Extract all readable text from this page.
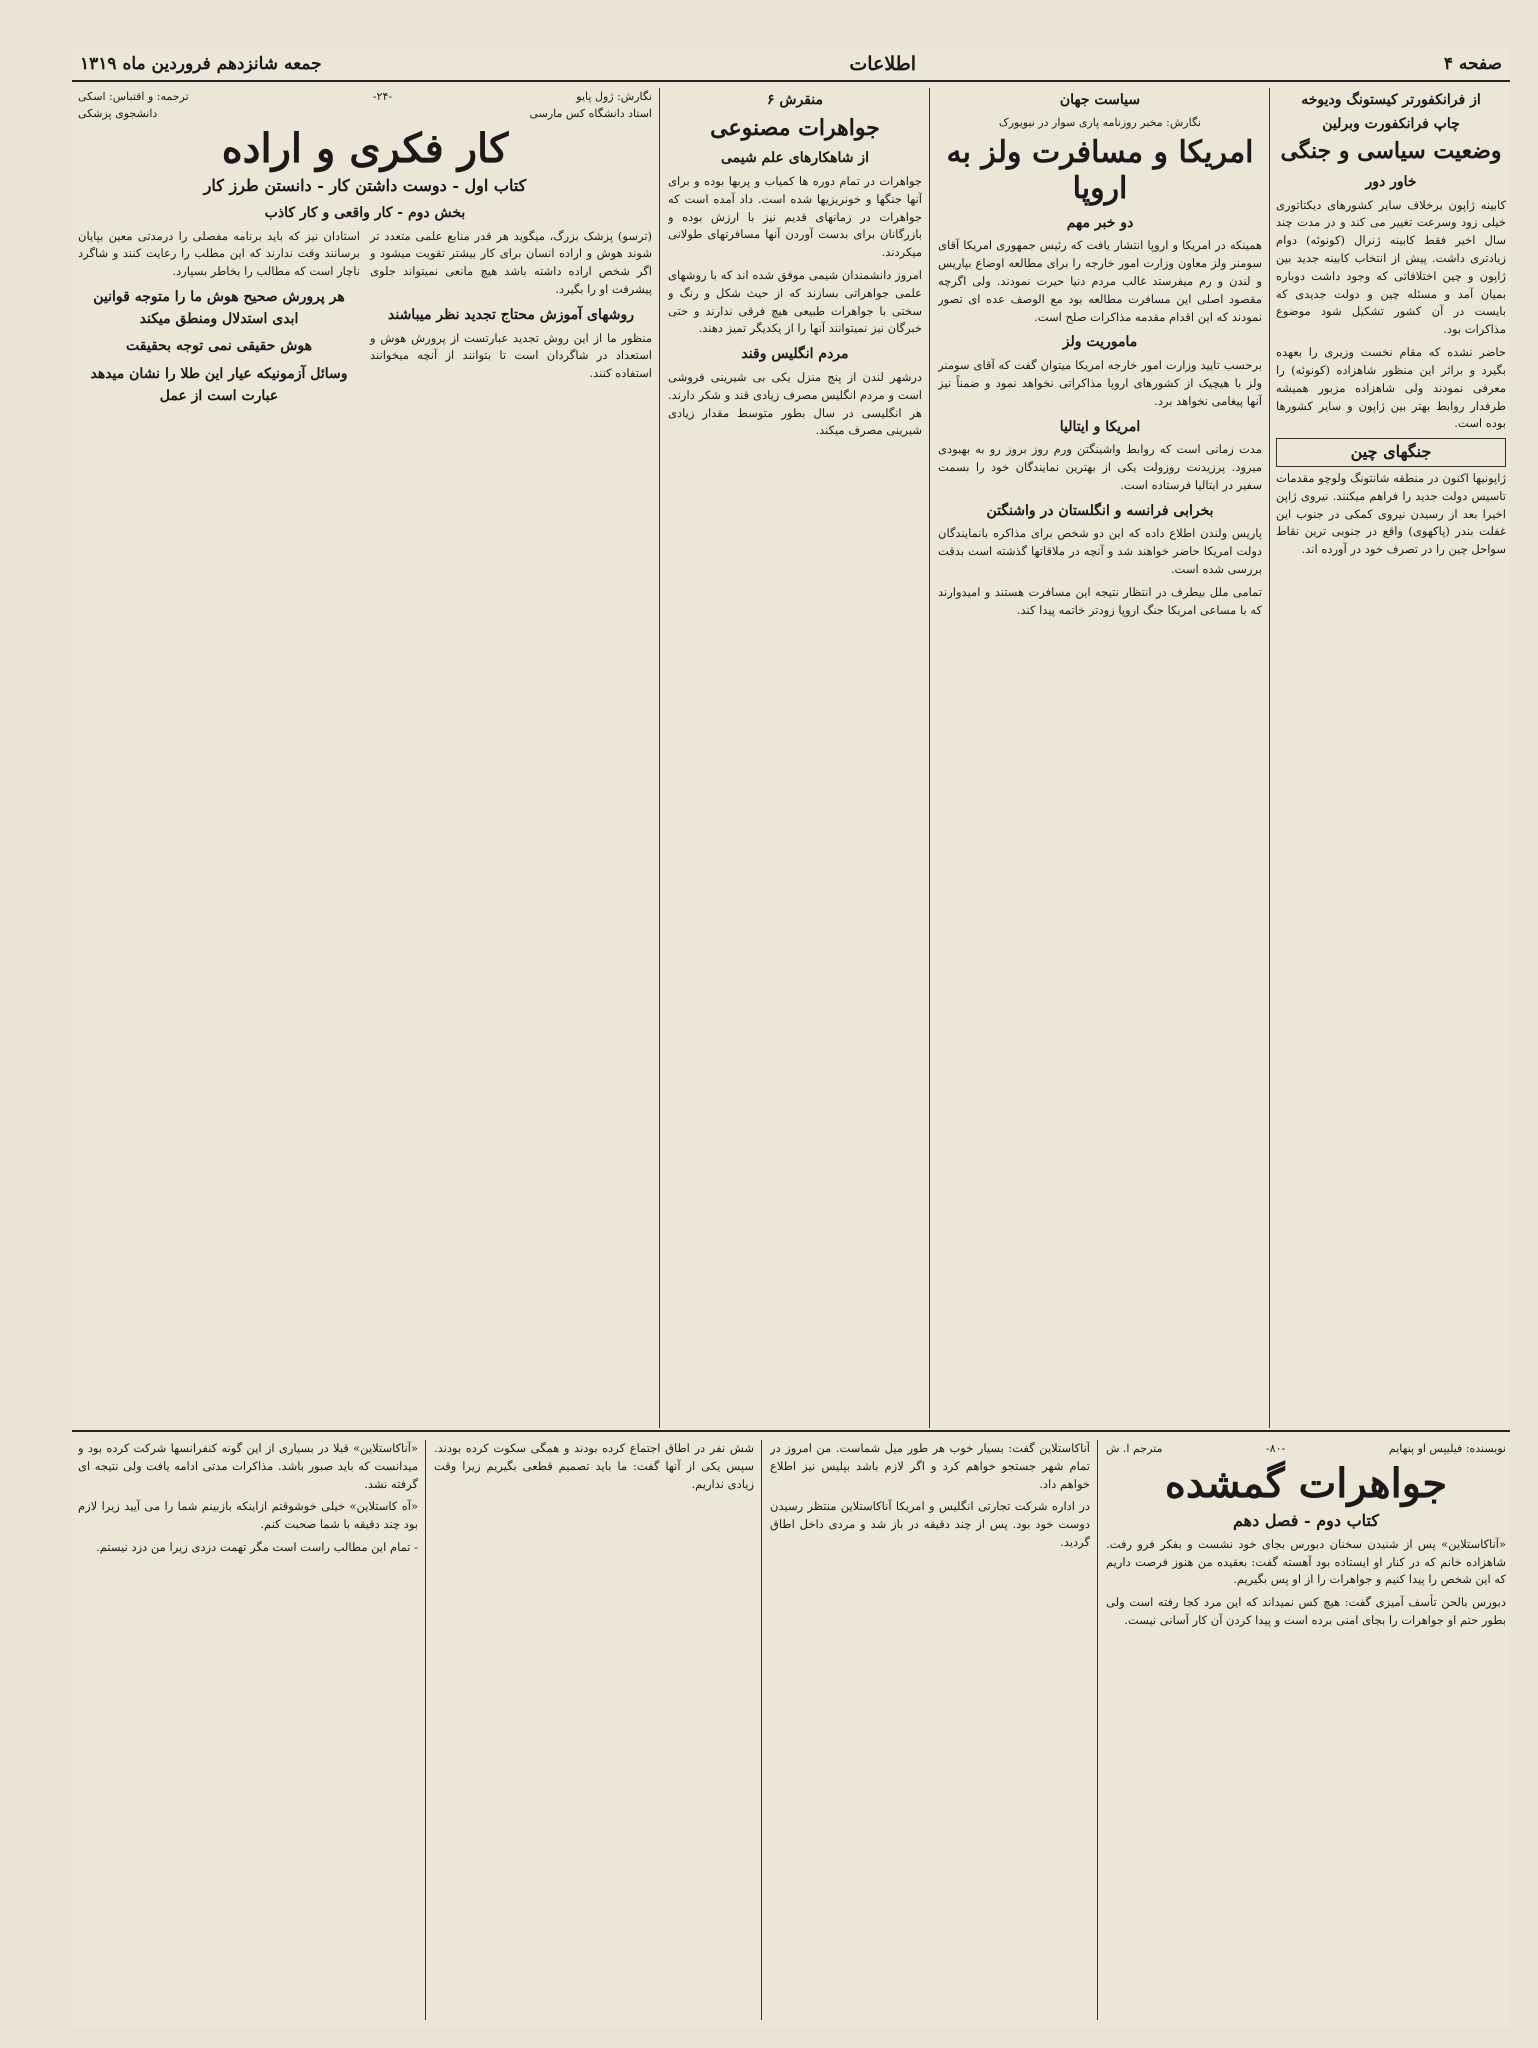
صفحه ۴
اطلاعات
جمعه شانزدهم فروردین ماه ۱۳۱۹
از فرانکفورتر کیستونگ ودیوخه
چاپ فرانکفورت وبرلین
وضعیت سیاسی و جنگی
خاور دور

کابینه ژاپون برخلاف سایر کشورهای دیکتاتوری خیلی زود وسرعت تغییر می کند و در مدت چند سال اخیر فقط کابینه ژنرال (کونوئه) دوام زیادتری داشت. پیش از انتخاب کابینه جدید بین ژاپون و چین اختلافاتی که وجود داشت دوباره بمیان آمد و مسئله چین و دولت جدیدی که بایست در آن کشور تشکیل شود موضوع مذاکرات بود.

حاضر نشده که مقام نخست وزیری را بعهده بگیرد و براثر این منظور شاهزاده (کونوئه) را معرفی نمودند ولی شاهزاده مزبور همیشه طرفدار روابط بهتر بین ژاپون و سایر کشورها بوده است.

جنگهای چین

ژاپونیها اکنون در منطقه شانتونگ ولوچو مقدمات تاسیس دولت جدید را فراهم میکنند. نیروی ژاپن اخیرا بعد از رسیدن نیروی کمکی در جنوب این غفلت بندر (پاکهوی) واقع در جنوبی ترین نقاط سواحل چین را در تصرف خود در آورده اند.

سیاست جهان
نگارش: مخبر روزنامه پاری سوار در نیویورک
امریکا و مسافرت ولز به اروپا
دو خبر مهم

همینکه در امریکا و اروپا انتشار یافت که رئیس جمهوری امریکا آقای سومنر ولز معاون وزارت امور خارجه را برای مطالعه اوضاع بپاریس و لندن و رم میفرستد غالب مردم دنیا حیرت نمودند. ولی اگرچه مقصود اصلی این مسافرت مطالعه بود مع الوصف عده ای تصور نمودند که این اقدام مقدمه مذاکرات صلح است.

ماموریت ولز

برحسب تایید وزارت امور خارجه امریکا میتوان گفت که آقای سومنر ولز با هیچیک از کشورهای اروپا مذاکراتی نخواهد نمود و ضمناً نیز آنها پیغامی نخواهد برد.

امریکا و ایتالیا

مدت زمانی است که روابط واشینگتن ورم روز بروز رو به بهبودی میرود. پرزیدنت روزولت یکی از بهترین نمایندگان خود را بسمت سفیر در ایتالیا فرستاده است.

بخرابی فرانسه و انگلستان در واشنگتن

پاریس ولندن اطلاع داده که این دو شخص برای مذاکره بانمایندگان دولت امریکا حاضر خواهند شد و آنچه در ملاقاتها گذشته است بدقت بررسی شده است.

تمامی ملل بیطرف در انتظار نتیجه این مسافرت هستند و امیدوارند که با مساعی امریکا جنگ اروپا زودتر خاتمه پیدا کند.

منقرش ۶
جواهرات مصنوعی
از شاهکارهای علم شیمی

جواهرات در تمام دوره ها کمیاب و پربها بوده و برای آنها جنگها و خونریزیها شده است. داد آمده است که جواهرات در زمانهای قدیم نیز با ارزش بوده و بازرگانان برای بدست آوردن آنها مسافرتهای طولانی میکردند.

امروز دانشمندان شیمی موفق شده اند که با روشهای علمی جواهراتی بسازند که از حیث شکل و رنگ و سختی با جواهرات طبیعی هیچ فرقی ندارند و حتی خبرگان نیز نمیتوانند آنها را از یکدیگر تمیز دهند.

مردم انگلیس وقند

درشهر لندن از پنج منزل یکی بی شیرینی فروشی است و مردم انگلیس مصرف زیادی قند و شکر دارند. هر انگلیسی در سال بطور متوسط مقدار زیادی شیرینی مصرف میکند.

نگارش: ژول پایو
-۲۴-
ترجمه: و اقتباس: اسکی
استاد دانشگاه کس مارسی
دانشجوی پزشکی
کار فکری و اراده
کتاب اول - دوست داشتن کار - دانستن طرز کار
بخش دوم - کار واقعی و کار کاذب

(ترسو) پزشک بزرگ، میگوید هر قدر منابع علمی متعدد تر شوند هوش و اراده انسان برای کار بیشتر تقویت میشود و اگر شخص اراده داشته باشد هیچ مانعی نمیتواند جلوی پیشرفت او را بگیرد.

روشهای آموزش محتاج تجدید نظر میباشند

منظور ما از این روش تجدید عبارتست از پرورش هوش و استعداد در شاگردان است تا بتوانند از آنچه میخوانند استفاده کنند.

استادان نیز که باید برنامه مفصلی را درمدتی معین بپایان برسانند وقت ندارند که این مطلب را رعایت کنند و شاگرد ناچار است که مطالب را بخاطر بسپارد.

هر پرورش صحیح هوش ما را متوجه قوانین ابدی استدلال ومنطق میکند
هوش حقیقی نمی توجه بحقیقت
وسائل آزمونیکه عیار این طلا را نشان میدهد عبارت است از عمل
نویسنده: فیلیپس او پنهایم
-۸۰-
مترجم ا. ش
جواهرات گمشده
کتاب دوم - فصل دهم

«آناکاستلاین» پس از شنیدن سخنان دبورس بجای خود نشست و بفکر فرو رفت. شاهزاده خانم که در کنار او ایستاده بود آهسته گفت: بعقیده من هنوز فرصت داریم که این شخص را پیدا کنیم و جواهرات را از او پس بگیریم.

دبورس بالحن تأسف آمیزی گفت: هیچ کس نمیداند که این مرد کجا رفته است ولی بطور حتم او جواهرات را بجای امنی برده است و پیدا کردن آن کار آسانی نیست.

آناکاستلاین گفت: بسیار خوب هر طور میل شماست. من امروز در تمام شهر جستجو خواهم کرد و اگر لازم باشد بپلیس نیز اطلاع خواهم داد.

در اداره شرکت تجارتی انگلیس و امریکا آناکاستلاین منتظر رسیدن دوست خود بود. پس از چند دقیقه در باز شد و مردی داخل اطاق گردید.

شش نفر در اطاق اجتماع کرده بودند و همگی سکوت کرده بودند. سپس یکی از آنها گفت: ما باید تصمیم قطعی بگیریم زیرا وقت زیادی نداریم.

«آناکاستلاین» قبلا در بسیاری از این گونه کنفرانسها شرکت کرده بود و میدانست که باید صبور باشد. مذاکرات مدتی ادامه یافت ولی نتیجه ای گرفته نشد.

«آه کاستلاین» خیلی خوشوقتم ازاینکه بازبینم شما را می آیید زیرا لازم بود چند دقیقه با شما صحبت کنم.

- تمام این مطالب راست است مگر تهمت دزدی زیرا من دزد نیستم.
